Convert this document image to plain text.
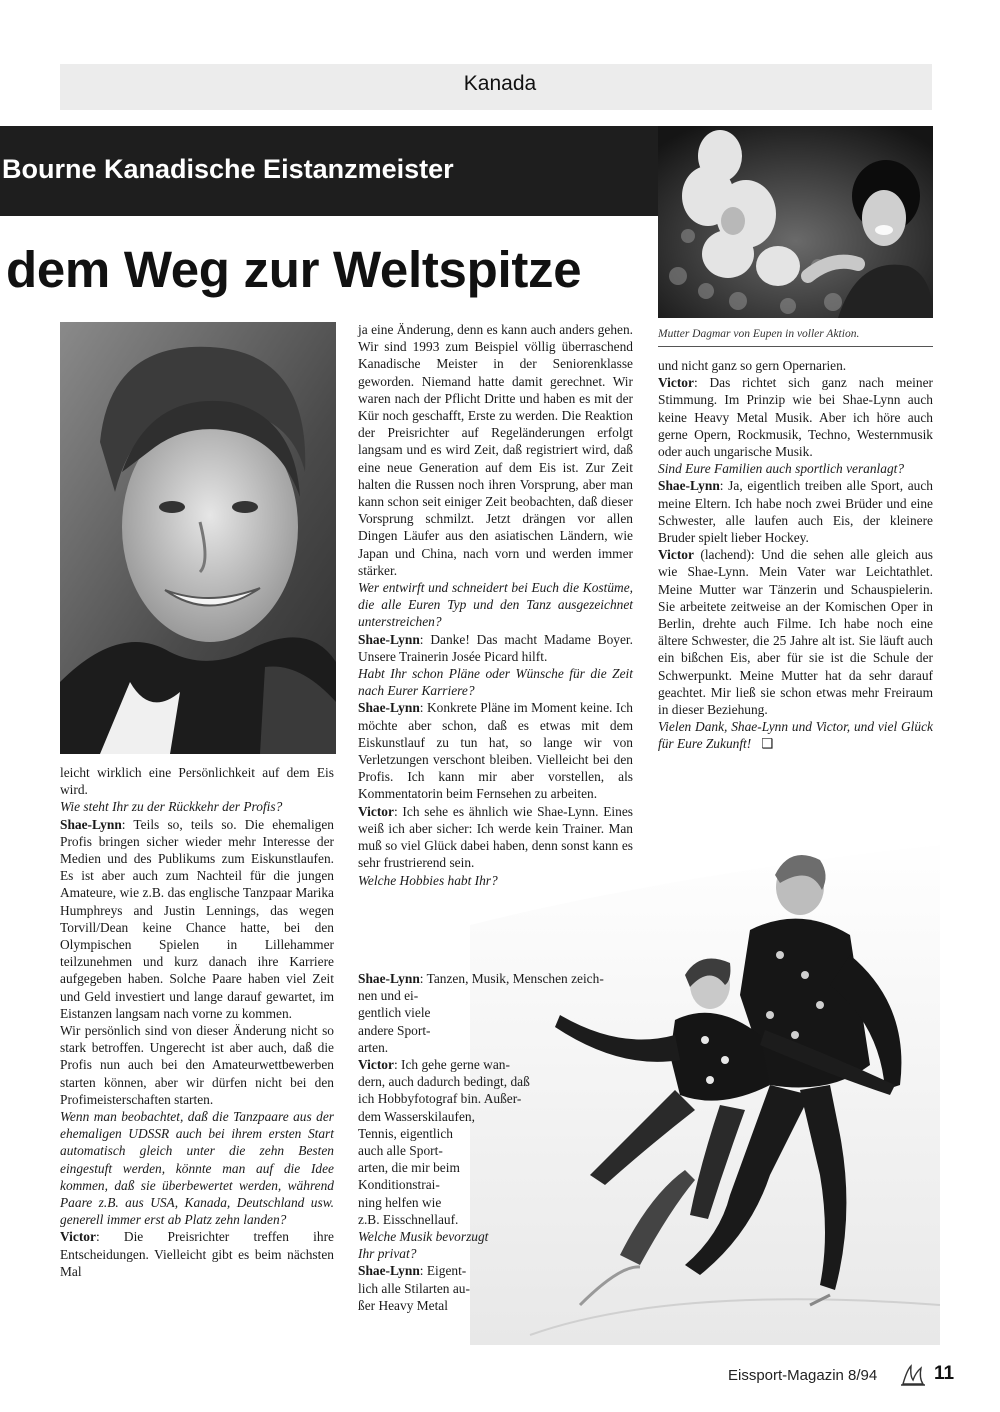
Kanada
Bourne Kanadische Eistanzmeister
dem Weg zur Weltspitze
Mutter Dagmar von Eupen in voller Aktion.

leicht wirklich eine Persönlichkeit auf dem Eis wird.

Wie steht Ihr zu der Rückkehr der Profis?

Shae-Lynn: Teils so, teils so. Die ehemaligen Profis bringen sicher wieder mehr Interesse der Medien und des Publikums zum Eiskunstlaufen. Es ist aber auch zum Nachteil für die jungen Amateure, wie z.B. das englische Tanzpaar Marika Humphreys and Justin Lennings, das wegen Torvill/Dean keine Chance hatte, bei den Olympischen Spielen in Lillehammer teilzunehmen und kurz danach ihre Karriere aufgegeben haben. Solche Paare haben viel Zeit und Geld investiert und lange darauf gewartet, im Eistanzen langsam nach vorne zu kommen.

Wir persönlich sind von dieser Änderung nicht so stark betroffen. Ungerecht ist aber auch, daß die Profis nun auch bei den Amateurwettbewerben starten können, aber wir dürfen nicht bei den Profimeisterschaften starten.

Wenn man beobachtet, daß die Tanzpaare aus der ehemaligen UDSSR auch bei ihrem ersten Start automatisch gleich unter die zehn Besten eingestuft werden, könnte man auf die Idee kommen, daß sie überbewertet werden, während Paare z.B. aus USA, Kanada, Deutschland usw. generell immer erst ab Platz zehn landen?

Victor: Die Preisrichter treffen ihre Entscheidungen. Vielleicht gibt es beim nächsten Mal

ja eine Änderung, denn es kann auch anders gehen. Wir sind 1993 zum Beispiel völlig überraschend Kanadische Meister in der Seniorenklasse geworden. Niemand hatte damit gerechnet. Wir waren nach der Pflicht Dritte und haben es mit der Kür noch geschafft, Erste zu werden. Die Reaktion der Preisrichter auf Regeländerungen erfolgt langsam und es wird Zeit, daß registriert wird, daß eine neue Generation auf dem Eis ist. Zur Zeit halten die Russen noch ihren Vorsprung, aber man kann schon seit einiger Zeit beobachten, daß dieser Vorsprung schmilzt. Jetzt drängen vor allen Dingen Läufer aus den asiatischen Ländern, wie Japan und China, nach vorn und werden immer stärker.

Wer entwirft und schneidert bei Euch die Kostüme, die alle Euren Typ und den Tanz ausgezeichnet unterstreichen?

Shae-Lynn: Danke! Das macht Madame Boyer. Unsere Trainerin Josée Picard hilft.

Habt Ihr schon Pläne oder Wünsche für die Zeit nach Eurer Karriere?

Shae-Lynn: Konkrete Pläne im Moment keine. Ich möchte aber schon, daß es etwas mit dem Eiskunstlauf zu tun hat, so lange wir von Verletzungen verschont bleiben. Vielleicht bei den Profis. Ich kann mir aber vorstellen, als Kommentatorin beim Fernsehen zu arbeiten.

Victor: Ich sehe es ähnlich wie Shae-Lynn. Eines weiß ich aber sicher: Ich werde kein Trainer. Man muß so viel Glück dabei haben, denn sonst kann es sehr frustrierend sein.

Welche Hobbies habt Ihr?

Shae-Lynn: Tanzen, Musik, Menschen zeich-
nen und ei-
gentlich viele
andere Sport-
arten.
Victor: Ich gehe gerne wan-
dern, auch dadurch bedingt, daß
ich Hobbyfotograf bin. Außer-
dem Wasserskilaufen,
Tennis, eigentlich
auch alle Sport-
arten, die mir beim
Konditionstrai-
ning helfen wie
z.B. Eisschnellauf.
Welche Musik bevorzugt
Ihr privat?
Shae-Lynn: Eigent-
lich alle Stilarten au-
ßer Heavy Metal

und nicht ganz so gern Opernarien.

Victor: Das richtet sich ganz nach meiner Stimmung. Im Prinzip wie bei Shae-Lynn auch keine Heavy Metal Musik. Aber ich höre auch gerne Opern, Rockmusik, Techno, Westernmusik oder auch ungarische Musik.

Sind Eure Familien auch sportlich veranlagt?

Shae-Lynn: Ja, eigentlich treiben alle Sport, auch meine Eltern. Ich habe noch zwei Brüder und eine Schwester, alle laufen auch Eis, der kleinere Bruder spielt lieber Hockey.

Victor (lachend): Und die sehen alle gleich aus wie Shae-Lynn. Mein Vater war Leichtathlet. Meine Mutter war Tänzerin und Schauspielerin. Sie arbeitete zeitweise an der Komischen Oper in Berlin, drehte auch Filme. Ich habe noch eine ältere Schwester, die 25 Jahre alt ist. Sie läuft auch ein bißchen Eis, aber für sie ist die Schule der Schwerpunkt. Meine Mutter hat da sehr darauf geachtet. Mir ließ sie schon etwas mehr Freiraum in dieser Beziehung.

Vielen Dank, Shae-Lynn und Victor, und viel Glück für Eure Zukunft! ❑

Eissport-Magazin 8/94	11
